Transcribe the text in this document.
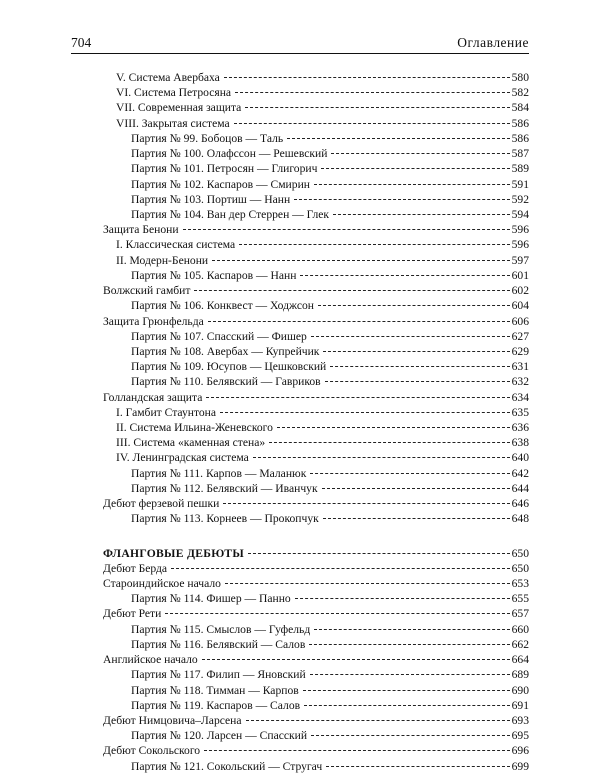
704	Оглавление
V. Система Авербаха	580
VI. Система Петросяна	582
VII. Современная защита	584
VIII. Закрытая система	586
Партия № 99. Бобоцов — Таль	586
Партия № 100. Олафссон — Решевский	587
Партия № 101. Петросян — Глигорич	589
Партия № 102. Каспаров — Смирин	591
Партия № 103. Портиш — Нанн	592
Партия № 104. Ван дер Стеррен — Глек	594
Защита Бенони	596
I. Классическая система	596
II. Модерн-Бенони	597
Партия № 105. Каспаров — Нанн	601
Волжский гамбит	602
Партия № 106. Конквест — Ходжсон	604
Защита Грюнфельда	606
Партия № 107. Спасский — Фишер	627
Партия № 108. Авербах — Купрейчик	629
Партия № 109. Юсупов — Цешковский	631
Партия № 110. Белявский — Гавриков	632
Голландская защита	634
I. Гамбит Стаунтона	635
II. Система Ильина-Женевского	636
III. Система «каменная стена»	638
IV. Ленинградская система	640
Партия № 111. Карпов — Маланюк	642
Партия № 112. Белявский — Иванчук	644
Дебют ферзевой пешки	646
Партия № 113. Корнеев — Прокопчук	648
ФЛАНГОВЫЕ ДЕБЮТЫ	650
Дебют Берда	650
Староиндийское начало	653
Партия № 114. Фишер — Панно	655
Дебют Рети	657
Партия № 115. Смыслов — Гуфельд	660
Партия № 116. Белявский — Салов	662
Английское начало	664
Партия № 117. Филип — Яновский	689
Партия № 118. Тимман — Карпов	690
Партия № 119. Каспаров — Салов	691
Дебют Нимцовича–Ларсена	693
Партия № 120. Ларсен — Спасский	695
Дебют Сокольского	696
Партия № 121. Сокольский — Стругач	699
